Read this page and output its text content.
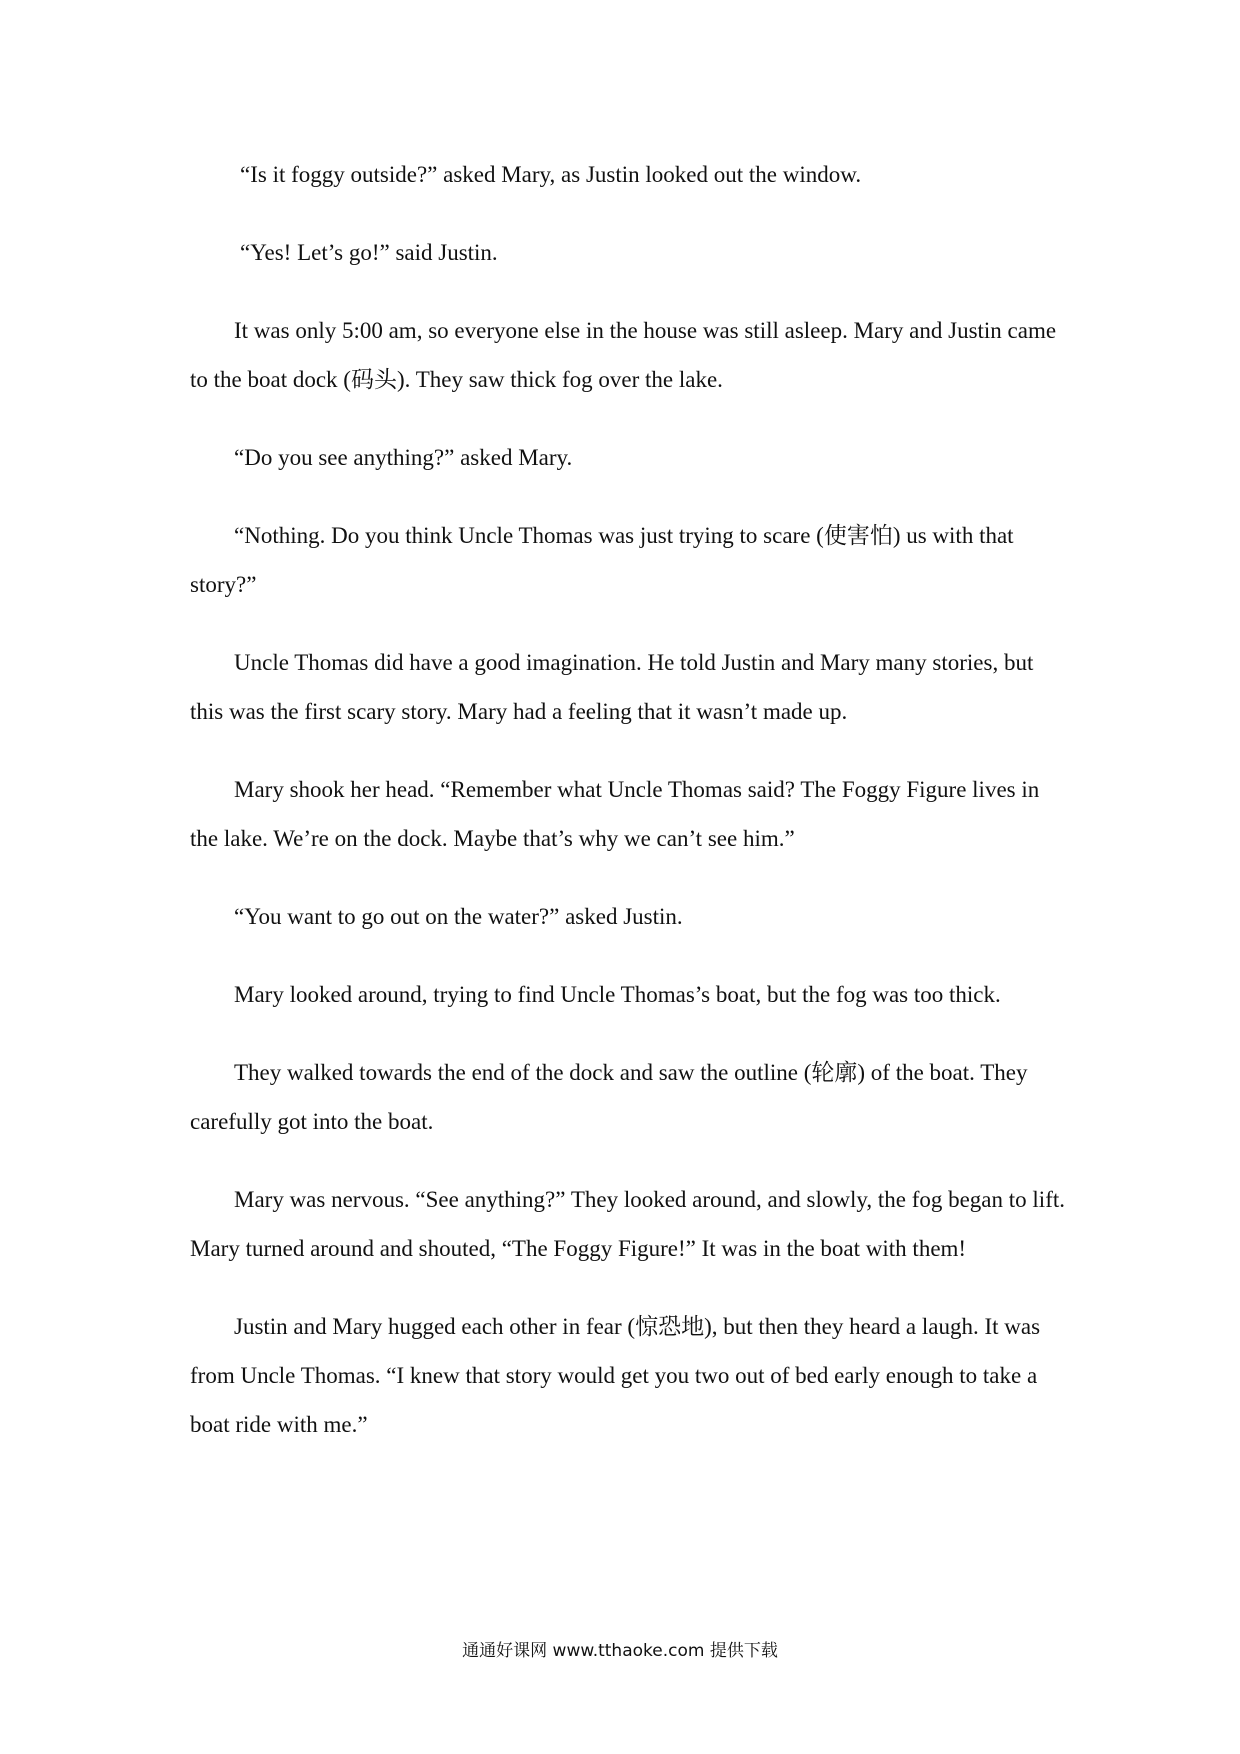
“Is it foggy outside?” asked Mary, as Justin looked out the window.

“Yes! Let’s go!” said Justin.

It was only 5:00 am, so everyone else in the house was still asleep. Mary and Justin came to the boat dock (码头). They saw thick fog over the lake.

“Do you see anything?” asked Mary.

“Nothing. Do you think Uncle Thomas was just trying to scare (使害怕) us with that story?”

Uncle Thomas did have a good imagination. He told Justin and Mary many stories, but this was the first scary story. Mary had a feeling that it wasn’t made up.

Mary shook her head. “Remember what Uncle Thomas said? The Foggy Figure lives in the lake. We’re on the dock. Maybe that’s why we can’t see him.”

“You want to go out on the water?” asked Justin.

Mary looked around, trying to find Uncle Thomas’s boat, but the fog was too thick.

They walked towards the end of the dock and saw the outline (轮廓) of the boat. They carefully got into the boat.

Mary was nervous. “See anything?” They looked around, and slowly, the fog began to lift. Mary turned around and shouted, “The Foggy Figure!” It was in the boat with them!

Justin and Mary hugged each other in fear (惊恐地), but then they heard a laugh. It was from Uncle Thomas. “I knew that story would get you two out of bed early enough to take a boat ride with me.”

通通好课网 www.tthaoke.com 提供下载
